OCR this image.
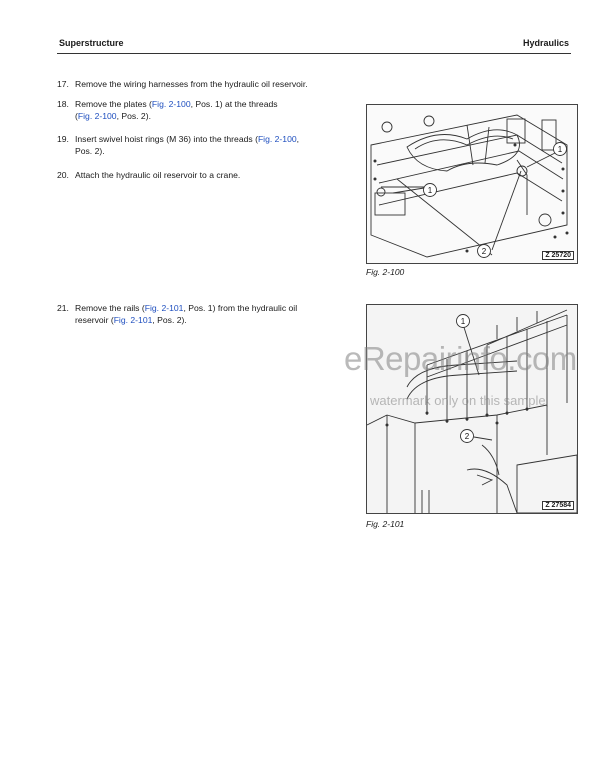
Superstructure	Hydraulics
17. Remove the wiring harnesses from the hydraulic oil reservoir.
18. Remove the plates (Fig. 2-100, Pos. 1) at the threads
(Fig. 2-100, Pos. 2).
19. Insert swivel hoist rings (M 36) into the threads (Fig. 2-100,
Pos. 2).
20. Attach the hydraulic oil reservoir to a crane.
21. Remove the rails (Fig. 2-101, Pos. 1) from the hydraulic oil
reservoir (Fig. 2-101, Pos. 2).
1
1
2	Z 25720
Fig. 2-100
1
2
Z 27584
Fig. 2-101
eRepairinfo.com
watermark only on this sample
